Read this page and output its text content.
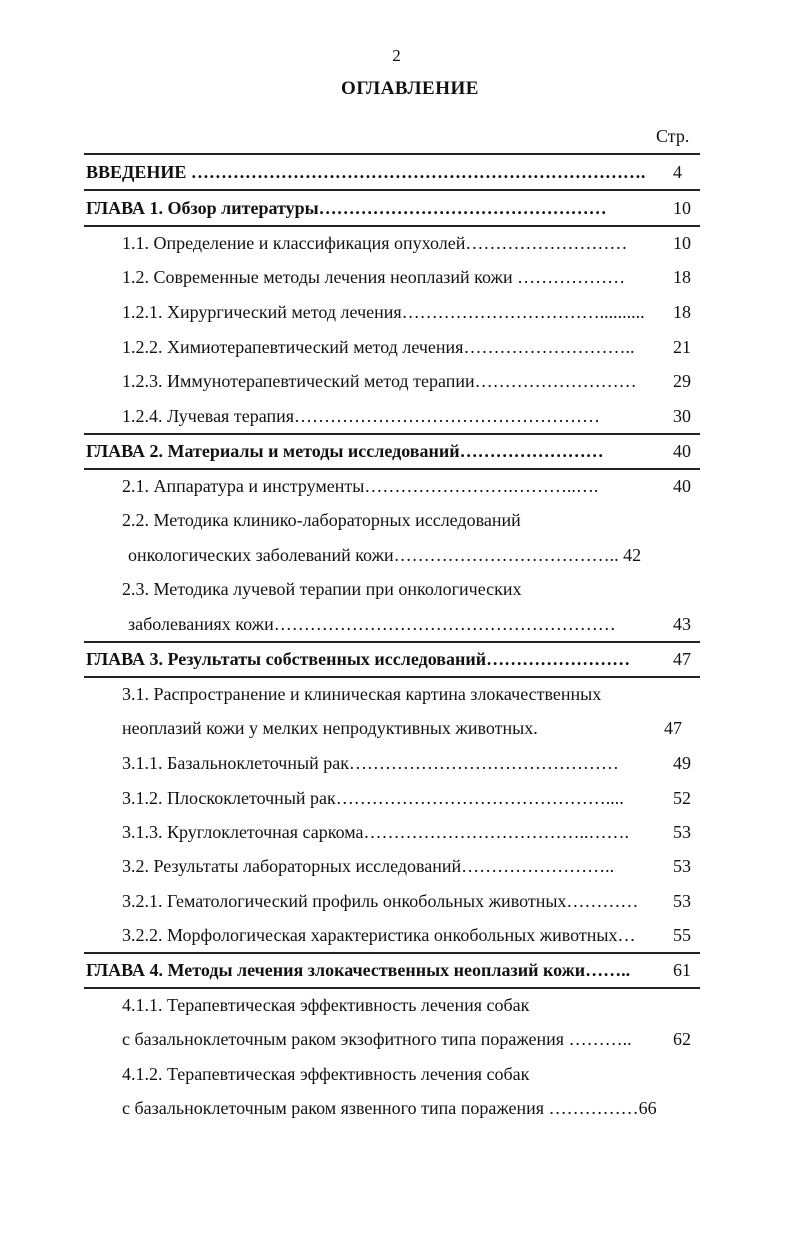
2
ОГЛАВЛЕНИЕ
Стр.
ВВЕДЕНИЕ …………………………………………………………………. 4
ГЛАВА 1. Обзор литературы…………………………………………	10
1.1. Определение и классификация опухолей………………………	10
1.2. Современные методы лечения неоплазий кожи ………………	18
1.2.1. Хирургический метод лечения…………………………….......... 18
1.2.2. Химиотерапевтический метод лечения……………………….. 21
1.2.3. Иммунотерапевтический метод терапии……………………… 29
1.2.4. Лучевая терапия……………………………………………	30
ГЛАВА 2. Материалы и методы исследований……………………	40
2.1. Аппаратура и инструменты…………………….………..….	40
2.2. Методика клинико-лабораторных исследований
онкологических заболеваний кожи……………………………….. 42
2.3. Методика лучевой терапии при онкологических
заболеваниях кожи…………………………………………………	43
ГЛАВА 3. Результаты собственных исследований…………………… 47
3.1. Распространение и клиническая картина злокачественных
неоплазий кожи у мелких непродуктивных животных.	47
3.1.1. Базальноклеточный рак………………………………………	49
3.1.2. Плоскоклеточный рак………………………………………....	52
3.1.3. Круглоклеточная саркома………………………………..……. 53
3.2. Результаты лабораторных исследований……………………..	53
3.2.1. Гематологический профиль онкобольных животных………… 53
3.2.2. Морфологическая характеристика онкобольных животных… 55
ГЛАВА 4. Методы лечения злокачественных неоплазий кожи…….. 61
4.1.1. Терапевтическая эффективность лечения собак
с базальноклеточным раком экзофитного типа поражения ……….. 62
4.1.2. Терапевтическая эффективность лечения собак
с базальноклеточным раком язвенного типа поражения ……………66
